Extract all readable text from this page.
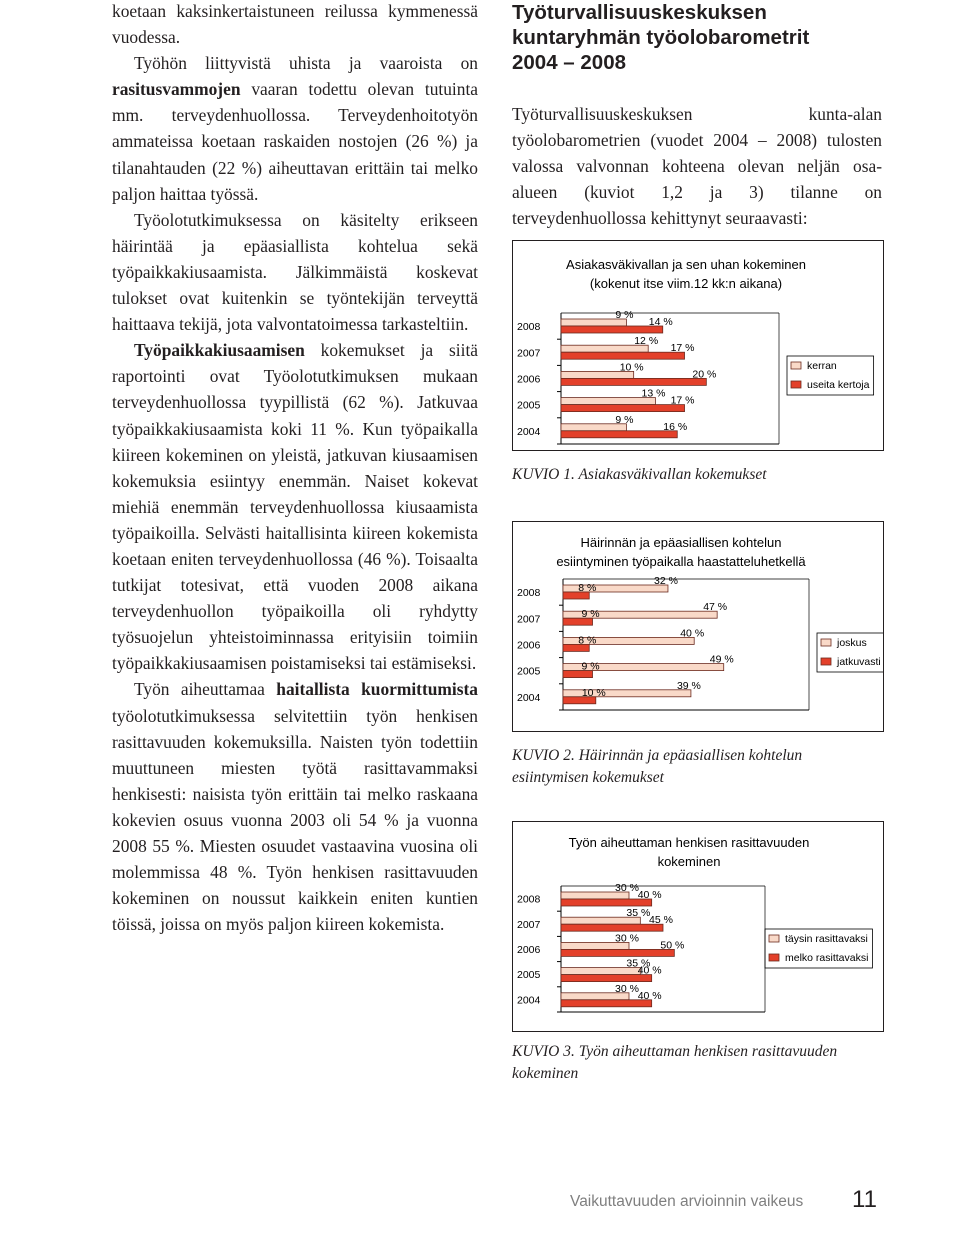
koetaan kaksinkertaistuneen reilussa kymmenessä vuodessa.

Työhön liittyvistä uhista ja vaaroista on rasitusvammojen vaaran todettu olevan tutuinta mm. terveydenhuollossa. Terveydenhoitotyön ammateissa koetaan raskaiden nostojen (26 %) ja tilanahtauden (22 %) aiheuttavan erittäin tai melko paljon haittaa työssä.

Työolotutkimuksessa on käsitelty erikseen häirintää ja epäasiallista kohtelua sekä työpaikkakiusaamista. Jälkimmäistä koskevat tulokset ovat kuitenkin se työntekijän terveyttä haittaava tekijä, jota valvontatoimessa tarkasteltiin.

Työpaikkakiusaamisen kokemukset ja siitä raportointi ovat Työolotutkimuksen mukaan terveydenhuollossa tyypillistä (62 %). Jatkuvaa työpaikkakiusaamista koki 11 %. Kun työpaikalla kiireen kokeminen on yleistä, jatkuvan kiusaamisen kokemuksia esiintyy enemmän. Naiset kokevat miehiä enemmän terveydenhuollossa kiusaamista työpaikoilla. Selvästi haitallisinta kiireen kokemista koetaan eniten terveydenhuollossa (46 %). Toisaalta tutkijat totesivat, että vuoden 2008 aikana terveydenhuollon työpaikoilla oli ryhdytty työsuojelun yhteistoiminnassa erityisiin toimiin työpaikkakiusaamisen poistamiseksi tai estämiseksi.

Työn aiheuttamaa haitallista kuormittumista työolotutkimuksessa selvitettiin työn henkisen rasittavuuden kokemuksilla. Naisten työn todettiin muuttuneen miesten työtä rasittavammaksi henkisesti: naisista työn erittäin tai melko raskaana kokevien osuus vuonna 2003 oli 54 % ja vuonna 2008 55 %. Miesten osuudet vastaavina vuosina oli molemmissa 48 %. Työn henkisen rasittavuuden kokeminen on noussut kaikkein eniten kuntien töissä, joissa on myös paljon kiireen kokemista.

Työturvallisuuskeskuksen
kuntaryhmän työolobarometrit
2004 – 2008

Työturvallisuuskeskuksen kunta-alan työolobarometrien (vuodet 2004 – 2008) tulosten valossa valvonnan kohteena olevan neljän osa-alueen (kuviot 1,2 ja 3) tilanne on terveydenhuollossa kehittynyt seuraavasti:

Asiakasväkivallan ja sen uhan kokeminen
(kokenut itse viim.12 kk:n aikana)
2008
9 %
14 %
2007
12 %
17 %
2006
10 %
20 %
2005
13 %
17 %
2004
9 %
16 %
kerran
useita kertoja
KUVIO 1. Asiakasväkivallan kokemukset
Häirinnän ja epäasiallisen kohtelun
esiintyminen työpaikalla haastatteluhetkellä
2008
32 %
8 %
2007
47 %
9 %
2006
40 %
8 %
2005
49 %
9 %
2004
39 %
10 %
joskus
jatkuvasti
KUVIO 2. Häirinnän ja epäasiallisen kohtelun
esiintymisen kokemukset
Työn aiheuttaman henkisen rasittavuuden
kokeminen
2008
30 %
40 %
2007
35 %
45 %
2006
30 %
50 %
2005
35 %
40 %
2004
30 %
40 %
täysin rasittavaksi
melko rasittavaksi
KUVIO 3. Työn aiheuttaman henkisen rasittavuuden
kokeminen
Vaikuttavuuden arvioinnin vaikeus 11
